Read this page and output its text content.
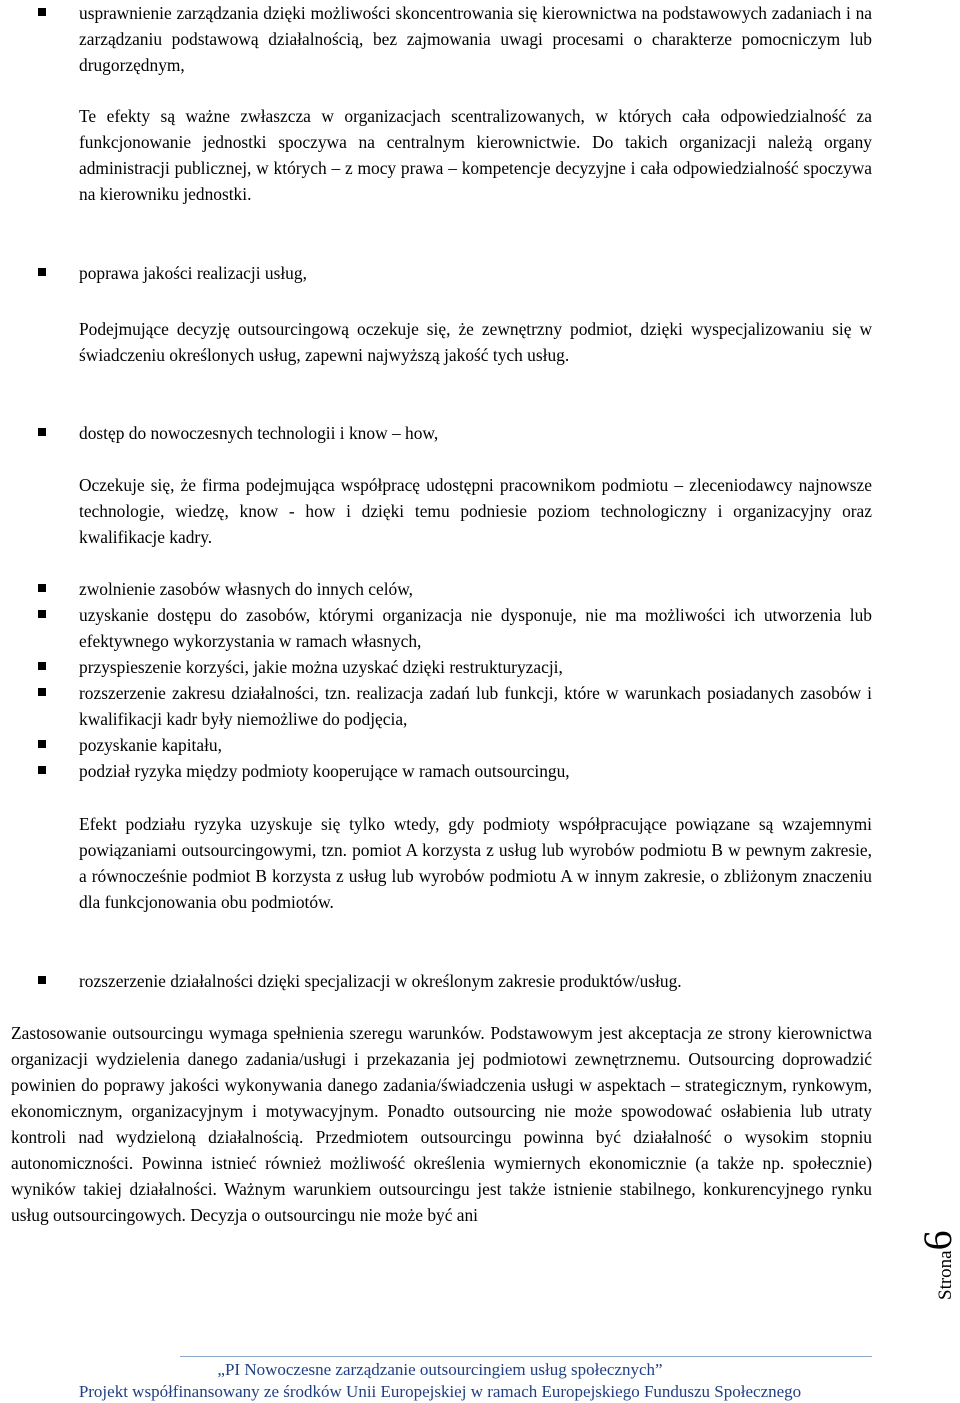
usprawnienie zarządzania dzięki możliwości skoncentrowania się kierownictwa na podstawowych zadaniach i na zarządzaniu podstawową działalnością, bez zajmowania uwagi procesami o charakterze pomocniczym lub drugorzędnym,
Te efekty są ważne zwłaszcza w organizacjach scentralizowanych, w których cała odpowiedzialność za funkcjonowanie jednostki spoczywa na centralnym kierownictwie. Do takich organizacji należą organy administracji publicznej, w których – z mocy prawa – kompetencje decyzyjne i cała odpowiedzialność spoczywa na kierowniku jednostki.
poprawa jakości realizacji usług,
Podejmujące decyzję outsourcingową oczekuje się, że zewnętrzny podmiot, dzięki wyspecjalizowaniu się w świadczeniu określonych usług, zapewni najwyższą jakość tych usług.
dostęp do nowoczesnych technologii i know – how,
Oczekuje się, że firma podejmująca współpracę udostępni pracownikom podmiotu – zleceniodawcy najnowsze technologie, wiedzę, know - how i dzięki temu podniesie poziom technologiczny i organizacyjny oraz kwalifikacje kadry.
zwolnienie zasobów własnych do innych celów,
uzyskanie dostępu do zasobów, którymi organizacja nie dysponuje, nie ma możliwości ich utworzenia lub efektywnego wykorzystania w ramach własnych,
przyspieszenie korzyści, jakie można uzyskać dzięki restrukturyzacji,
rozszerzenie zakresu działalności, tzn. realizacja zadań lub funkcji, które w warunkach posiadanych zasobów i kwalifikacji kadr były niemożliwe do podjęcia,
pozyskanie kapitału,
podział ryzyka między podmioty kooperujące w ramach outsourcingu,
Efekt podziału ryzyka uzyskuje się tylko wtedy, gdy podmioty współpracujące powiązane są wzajemnymi powiązaniami outsourcingowymi, tzn. pomiot A korzysta z usług lub wyrobów podmiotu B w pewnym zakresie, a równocześnie podmiot B korzysta z usług lub wyrobów podmiotu A w innym zakresie, o zbliżonym znaczeniu dla funkcjonowania obu podmiotów.
rozszerzenie działalności dzięki specjalizacji w określonym zakresie produktów/usług.
Zastosowanie outsourcingu wymaga spełnienia szeregu warunków. Podstawowym jest akceptacja ze strony kierownictwa organizacji wydzielenia danego zadania/usługi i przekazania jej podmiotowi zewnętrznemu. Outsourcing doprowadzić powinien do poprawy jakości wykonywania danego zadania/świadczenia usługi w aspektach – strategicznym, rynkowym, ekonomicznym, organizacyjnym i motywacyjnym. Ponadto outsourcing nie może spowodować osłabienia lub utraty kontroli nad wydzieloną działalnością. Przedmiotem outsourcingu powinna być działalność o wysokim stopniu autonomiczności. Powinna istnieć również możliwość określenia wymiernych ekonomicznie (a także np. społecznie) wyników takiej działalności. Ważnym warunkiem outsourcingu jest także istnienie stabilnego, konkurencyjnego rynku usług outsourcingowych. Decyzja o outsourcingu nie może być ani
Strona6
„PI Nowoczesne zarządzanie outsourcingiem usług społecznych”
Projekt współfinansowany ze środków Unii Europejskiej w ramach Europejskiego Funduszu Społecznego
